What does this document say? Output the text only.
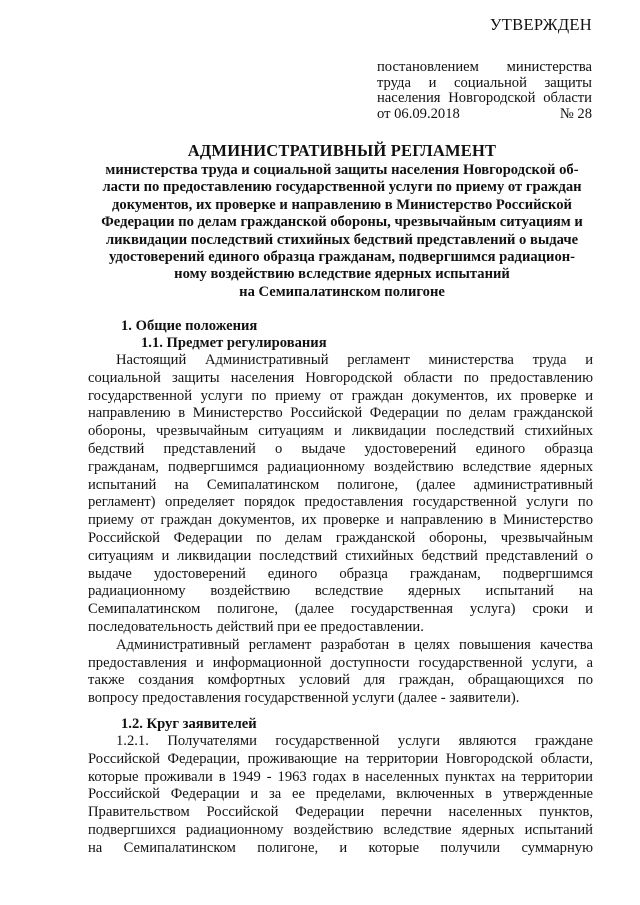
УТВЕРЖДЕН
постановлением министерства
труда и социальной защиты
населения Новгородской области
от 06.09.2018	№ 28
АДМИНИСТРАТИВНЫЙ РЕГЛАМЕНТ
министерства труда и социальной защиты населения Новгородской об-
ласти по предоставлению государственной услуги по приему от граждан
документов, их проверке и направлению в Министерство Российской
Федерации по делам гражданской обороны, чрезвычайным ситуациям и
ликвидации последствий стихийных бедствий представлений о выдаче
удостоверений единого образца гражданам, подвергшимся радиацион-
ному воздействию вследствие ядерных испытаний
на Семипалатинском полигоне
1. Общие положения
1.1. Предмет регулирования
Настоящий Административный регламент министерства труда и
социальной защиты населения Новгородской области по предоставлению
государственной услуги по приему от граждан документов, их проверке и
направлению в Министерство Российской Федерации по делам гражданской
обороны, чрезвычайным ситуациям и ликвидации последствий стихийных
бедствий представлений о выдаче удостоверений единого образца
гражданам, подвергшимся радиационному воздействию вследствие ядерных
испытаний на Семипалатинском полигоне, (далее административный
регламент) определяет порядок предоставления государственной услуги по
приему от граждан документов, их проверке и направлению в Министерство
Российской Федерации по делам гражданской обороны, чрезвычайным
ситуациям и ликвидации последствий стихийных бедствий представлений о
выдаче удостоверений единого образца гражданам, подвергшимся
радиационному воздействию вследствие ядерных испытаний на
Семипалатинском полигоне, (далее государственная услуга) сроки и
последовательность действий при ее предоставлении.
Административный регламент разработан в целях повышения качества
предоставления и информационной доступности государственной услуги, а
также создания комфортных условий для граждан, обращающихся по
вопросу предоставления государственной услуги (далее - заявители).
1.2. Круг заявителей
1.2.1. Получателями государственной услуги являются граждане
Российской Федерации, проживающие на территории Новгородской области,
которые проживали в 1949 - 1963 годах в населенных пунктах на территории
Российской Федерации и за ее пределами, включенных в утвержденные
Правительством Российской Федерации перечни населенных пунктов,
подвергшихся радиационному воздействию вследствие ядерных испытаний
на Семипалатинском полигоне, и которые получили суммарную
